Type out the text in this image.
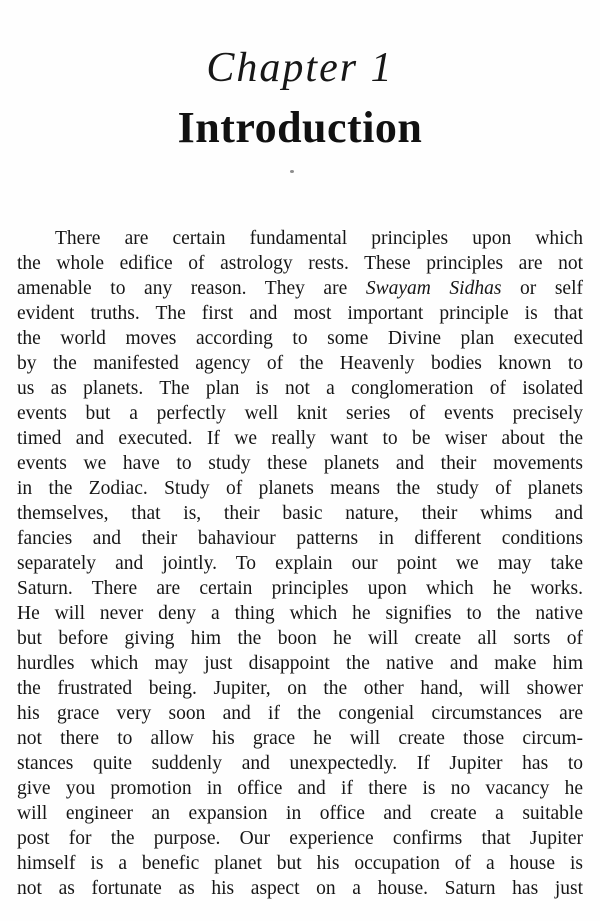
Chapter 1
Introduction
There are certain fundamental principles upon which
the whole edifice of astrology rests. These principles are not
amenable to any reason. They are Swayam Sidhas or self
evident truths. The first and most important principle is that
the world moves according to some Divine plan executed
by the manifested agency of the Heavenly bodies known to
us as planets. The plan is not a conglomeration of isolated
events but a perfectly well knit series of events precisely
timed and executed. If we really want to be wiser about the
events we have to study these planets and their movements
in the Zodiac. Study of planets means the study of planets
themselves, that is, their basic nature, their whims and
fancies and their bahaviour patterns in different conditions
separately and jointly. To explain our point we may take
Saturn. There are certain principles upon which he works.
He will never deny a thing which he signifies to the native
but before giving him the boon he will create all sorts of
hurdles which may just disappoint the native and make him
the frustrated being. Jupiter, on the other hand, will shower
his grace very soon and if the congenial circumstances are
not there to allow his grace he will create those circum-
stances quite suddenly and unexpectedly. If Jupiter has to
give you promotion in office and if there is no vacancy he
will engineer an expansion in office and create a suitable
post for the purpose. Our experience confirms that Jupiter
himself is a benefic planet but his occupation of a house is
not as fortunate as his aspect on a house. Saturn has just
